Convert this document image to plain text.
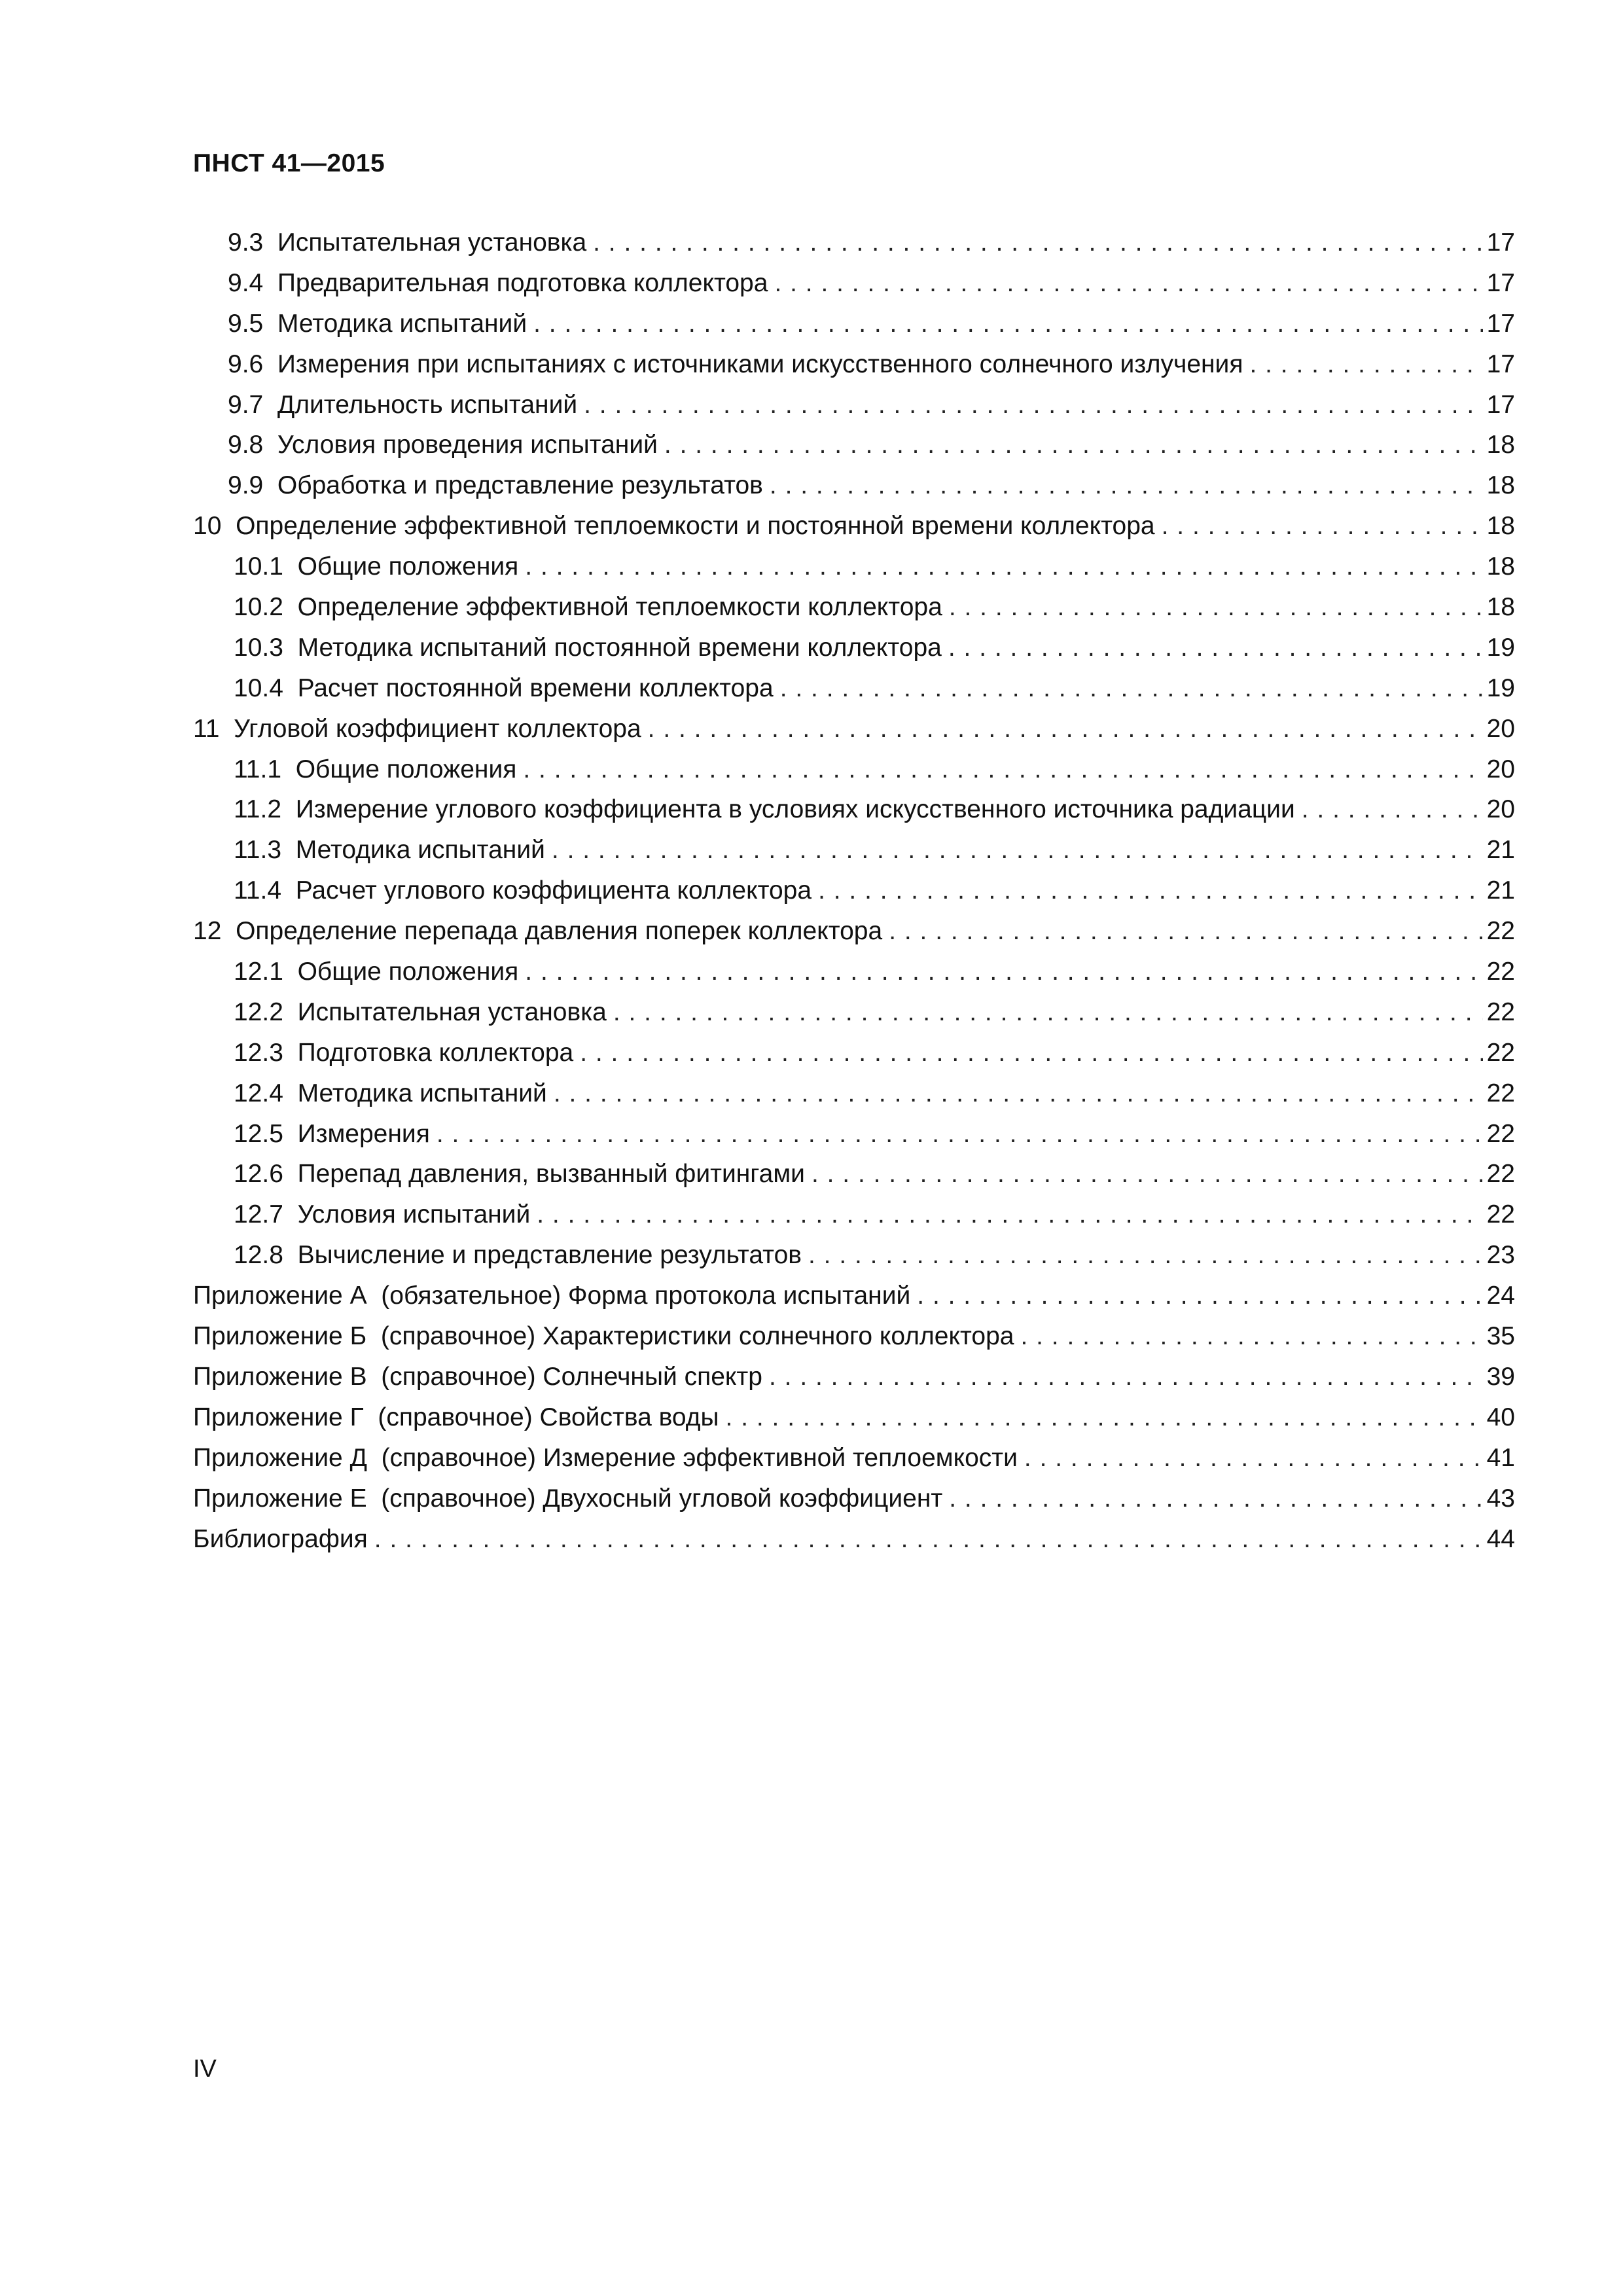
ПНСТ 41—2015
9.3 Испытательная установка . . .	17
9.4 Предварительная подготовка коллектора . . .	17
9.5 Методика испытаний . . .	17
9.6 Измерения при испытаниях с источниками искусственного солнечного излучения . . .	17
9.7 Длительность испытаний . . .	17
9.8 Условия проведения испытаний . . .	18
9.9 Обработка и представление результатов . . .	18
10 Определение эффективной теплоемкости и постоянной времени коллектора . . .	18
10.1 Общие положения . . .	18
10.2 Определение эффективной теплоемкости коллектора . . .	18
10.3 Методика испытаний постоянной времени коллектора . . .	19
10.4 Расчет постоянной времени коллектора . . .	19
11 Угловой коэффициент коллектора . . .	20
11.1 Общие положения . . .	20
11.2 Измерение углового коэффициента в условиях искусственного источника радиации . . .	20
11.3 Методика испытаний . . .	21
11.4 Расчет углового коэффициента коллектора . . .	21
12 Определение перепада давления поперек коллектора . . .	22
12.1 Общие положения . . .	22
12.2 Испытательная установка . . .	22
12.3 Подготовка коллектора . . .	22
12.4 Методика испытаний . . .	22
12.5 Измерения . . .	22
12.6 Перепад давления, вызванный фитингами . . .	22
12.7 Условия испытаний . . .	22
12.8 Вычисление и представление результатов . . .	23
Приложение А (обязательное) Форма протокола испытаний . . .	24
Приложение Б (справочное) Характеристики солнечного коллектора . . .	35
Приложение В (справочное) Солнечный спектр . . .	39
Приложение Г (справочное) Свойства воды . . .	40
Приложение Д (справочное) Измерение эффективной теплоемкости . . .	41
Приложение Е (справочное) Двухосный угловой коэффициент . . .	43
Библиография . . .	44
IV
